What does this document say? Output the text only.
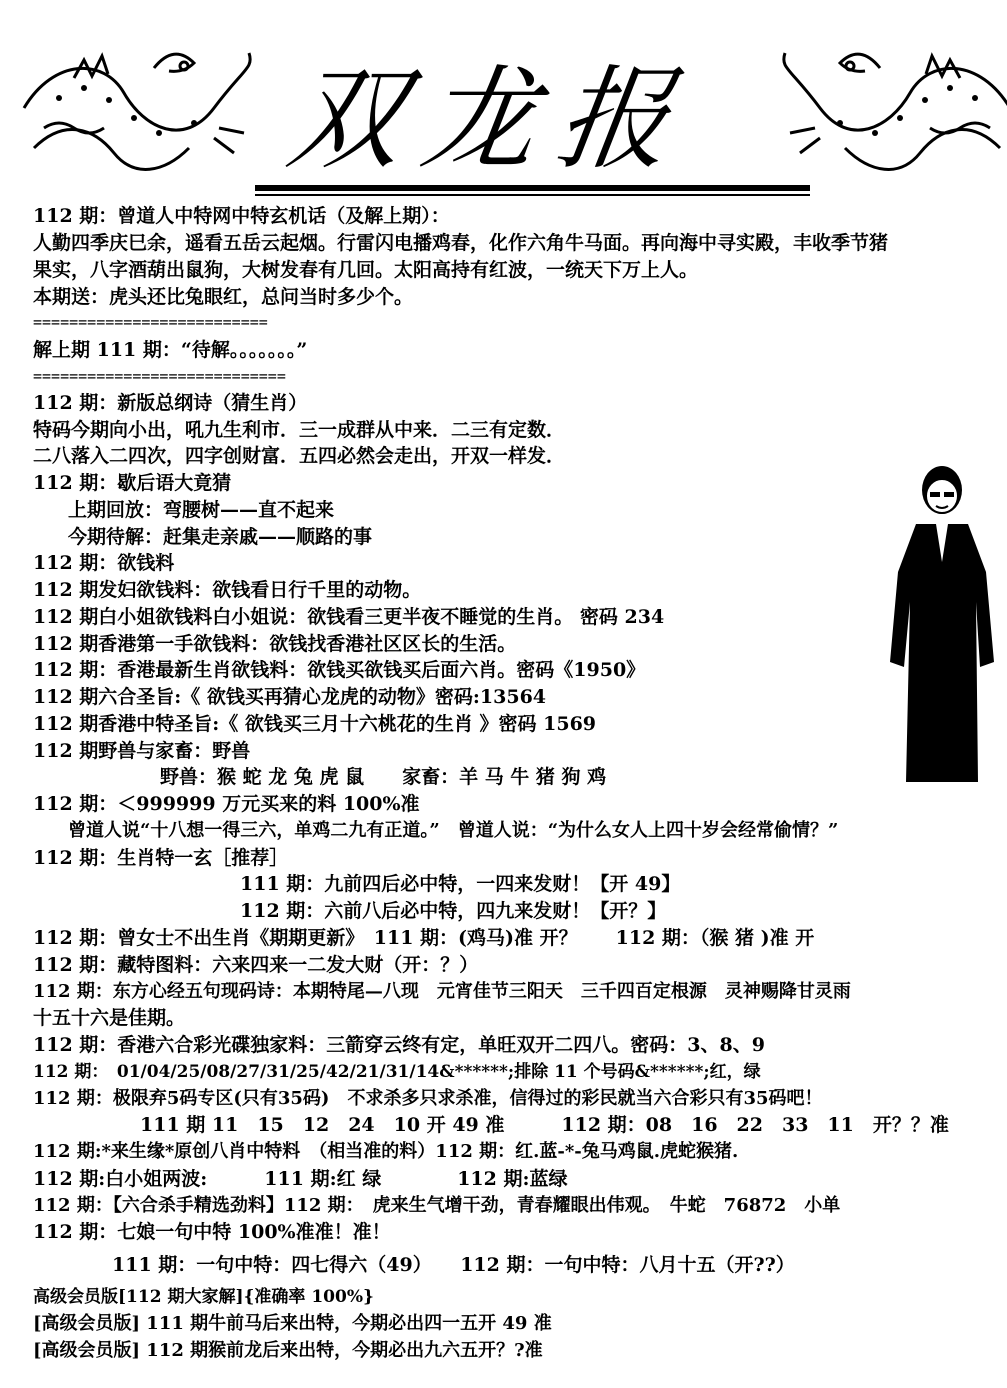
双龙报
112 期：曾道人中特网中特玄机话（及解上期）：
人勤四季庆巳余，遥看五岳云起烟。行雷闪电播鸡春，化作六角牛马面。再向海中寻实殿，丰收季节猪
果实，八字酒葫出鼠狗，大树发春有几回。太阳高持有红波，一统天下万上人。
本期送：虎头还比兔眼红，总问当时多少个。
==========================
解上期 111 期：“待解。。。。。。。”
============================
112 期：新版总纲诗（猜生肖）
特码今期向小出，吼九生利市．三一成群从中来．二三有定数．
二八落入二四次，四字创财富．五四必然会走出，开双一样发．
112 期：歇后语大竟猜
上期回放：弯腰树——直不起来
今期待解：赶集走亲戚——顺路的事
112 期：欲钱料
112 期发妇欲钱料：欲钱看日行千里的动物。
112 期白小姐欲钱料白小姐说：欲钱看三更半夜不睡觉的生肖。 密码 234
112 期香港第一手欲钱料：欲钱找香港社区区长的生活。
112 期：香港最新生肖欲钱料：欲钱买欲钱买后面六肖。密码《1950》
112 期六合圣旨:《 欲钱买再猜心龙虎的动物》密码:13564
112 期香港中特圣旨:《 欲钱买三月十六桃花的生肖 》密码 1569
112 期野兽与家畜：野兽
野兽：猴 蛇 龙 兔 虎 鼠　　家畜：羊 马 牛 猪 狗 鸡
112 期：＜999999 万元买来的料 100%准
曾道人说“十八想一得三六，单鸡二九有正道。”　曾道人说：“为什么女人上四十岁会经常偷情？”
112 期：生肖特一玄［推荐］
111 期：九前四后必中特，一四来发财！【开 49】
112 期：六前八后必中特，四九来发财！【开？】
112 期：曾女士不出生肖《期期更新》　111 期：(鸡马)准 开？　　112 期：（猴 猪 )准 开
112 期：藏特图料：六来四来一二发大财（开：？）
112 期：东方心经五句现码诗：本期特尾—八现　元宵佳节三阳天　三千四百定根源　灵神赐降甘灵雨
十五十六是佳期。
112 期：香港六合彩光碟独家料：三箭穿云终有定，单旺双开二四八。密码：3、8、9
112 期：　01/04/25/08/27/31/25/42/21/31/14&******;排除 11 个号码&******;红，绿
112 期：极限弃5码专区(只有35码)　不求杀多只求杀准，信得过的彩民就当六合彩只有35码吧！
111 期 11　15　12　24　10 开 49 准　　　112 期：08　16　22　33　11　开？？准
112 期:*来生缘*原创八肖中特料　（相当准的料）112 期：红.蓝-*-兔马鸡鼠.虎蛇猴猪.
112 期:白小姐两波:　　　111 期:红 绿　　　　112 期:蓝绿
112 期：【六合杀手精选劲料】112 期：　虎来生气增干劲，青春耀眼出伟观。　牛蛇　76872　小单
112 期：七娘一句中特 100%准准！准！
111 期：一句中特：四七得六（49）　　112 期：一句中特：八月十五（开??）
高级会员版[112 期大家解]{准确率 100%}
[高级会员版] 111 期牛前马后来出特，今期必出四一五开 49 准
[高级会员版] 112 期猴前龙后来出特，今期必出九六五开？?准
